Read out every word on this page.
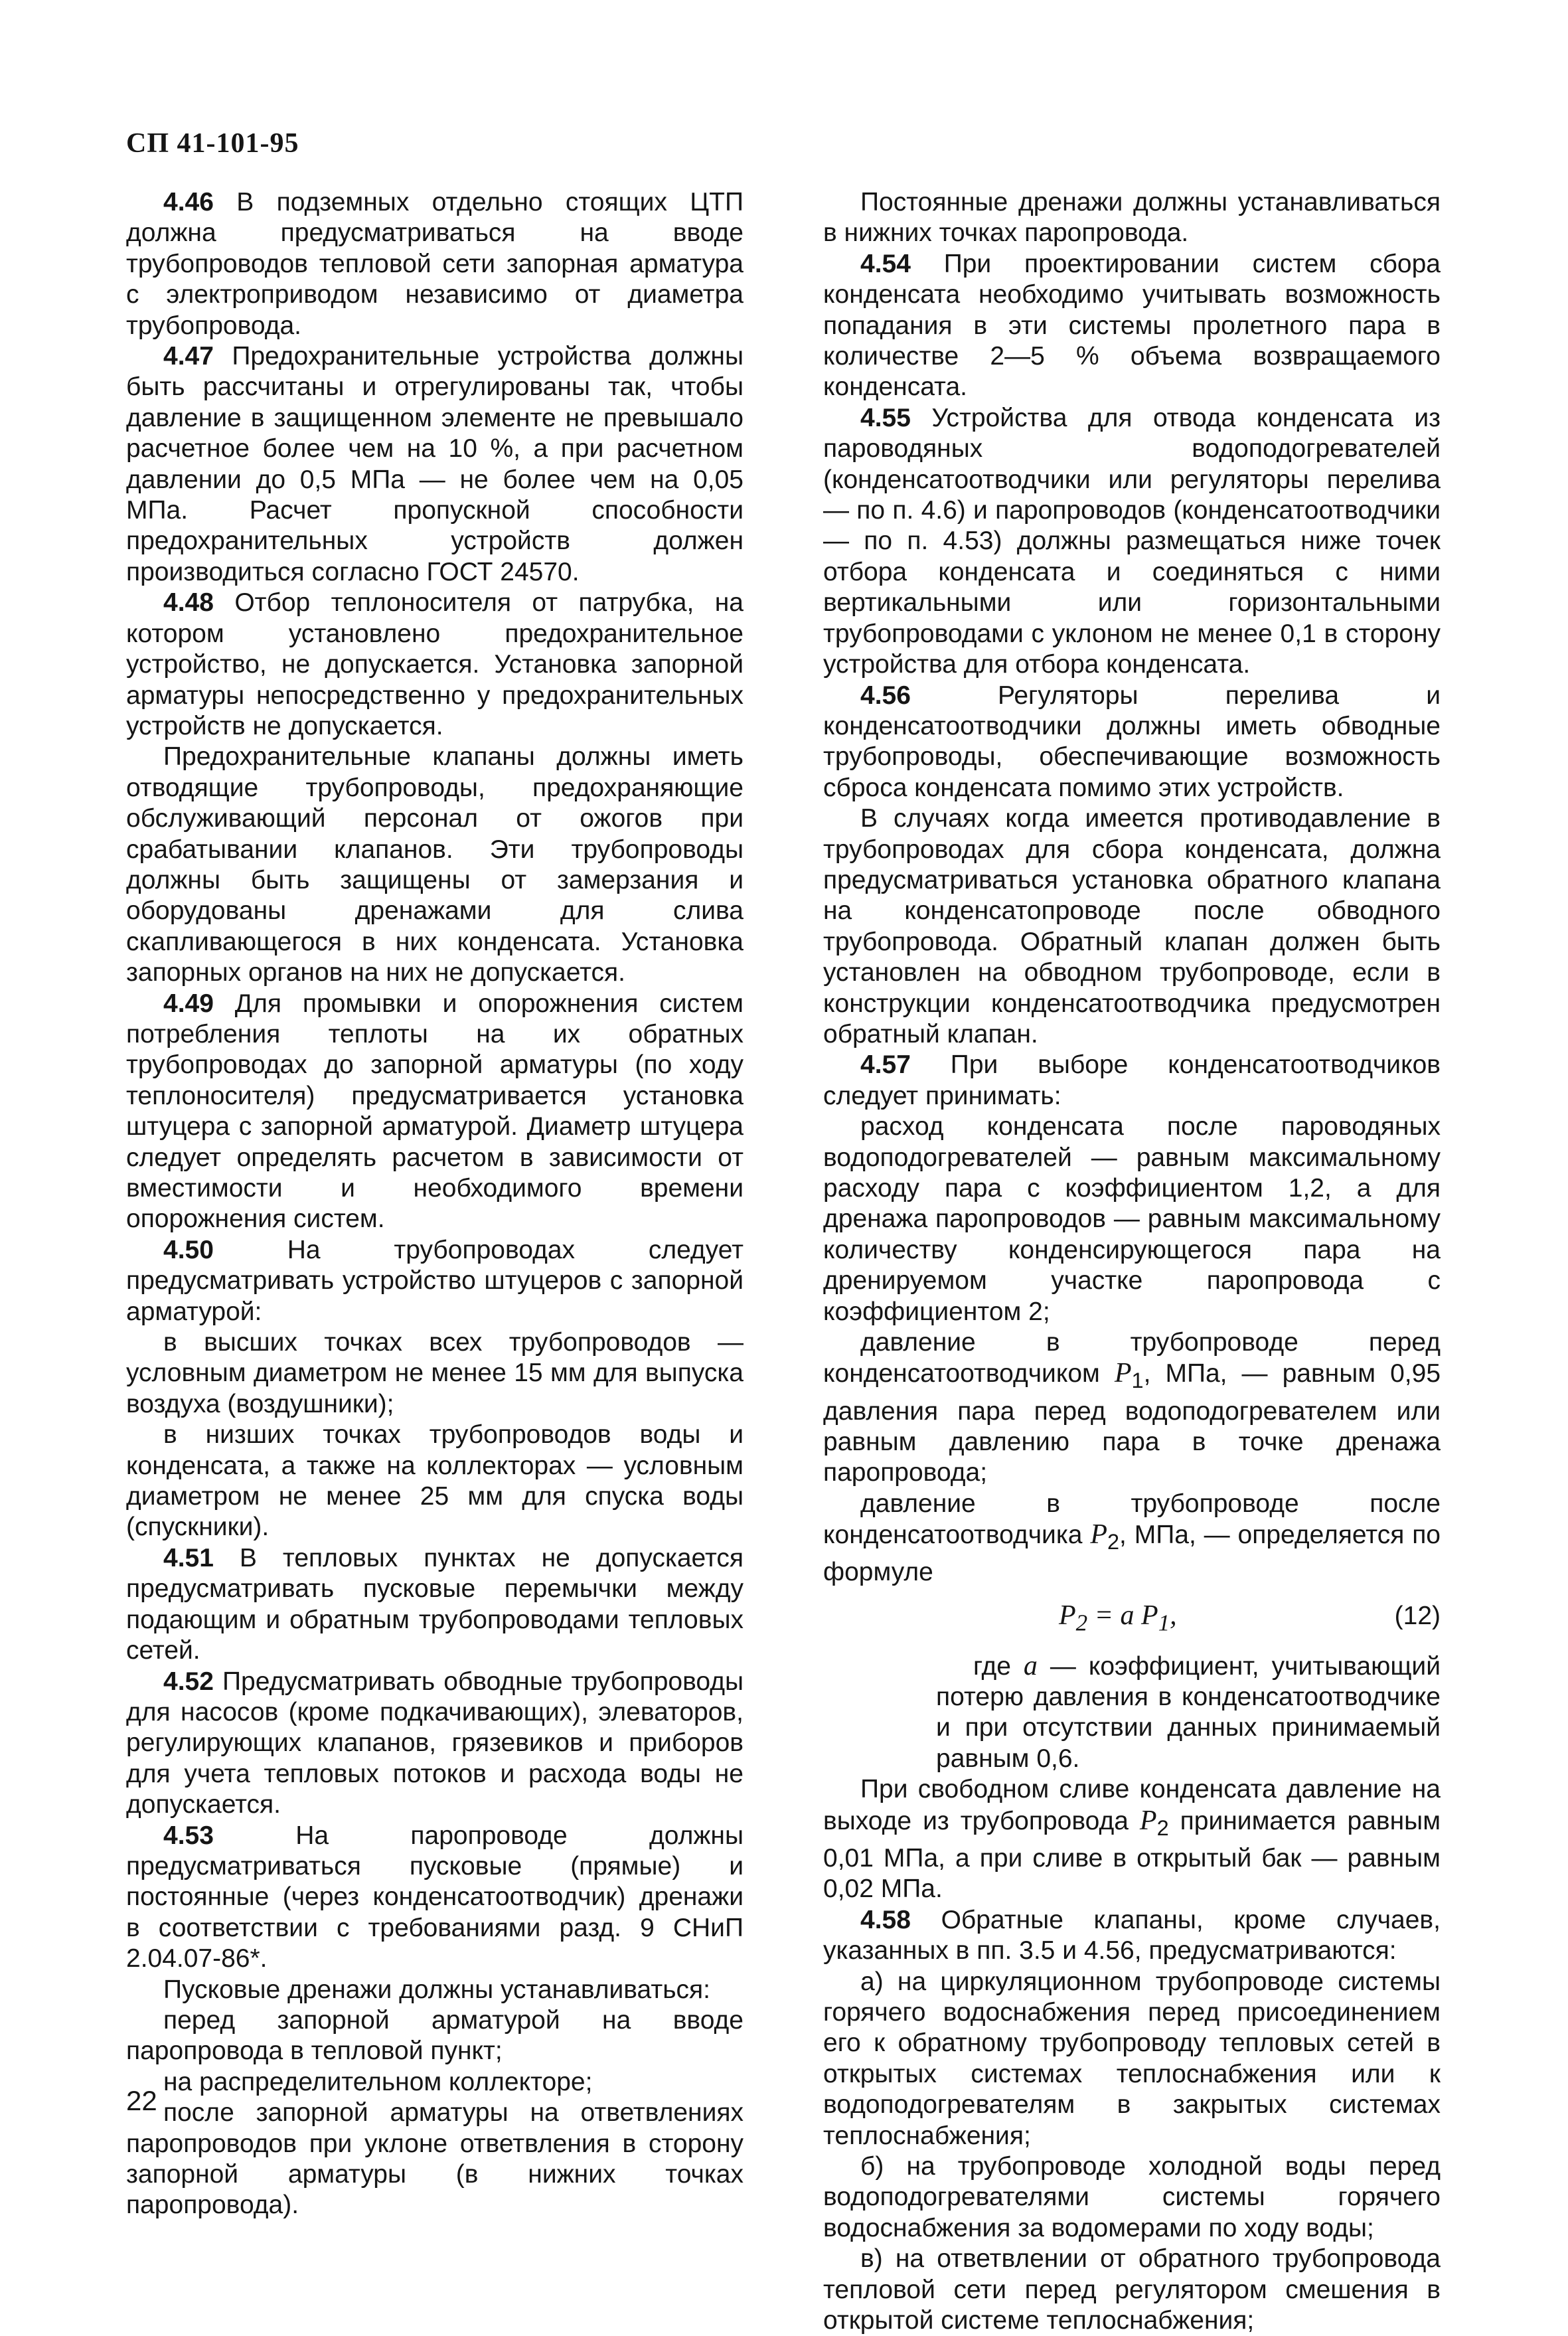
СП 41-101-95

4.46 В подземных отдельно стоящих ЦТП должна предусматриваться на вводе трубопроводов тепловой сети запорная арматура с электроприводом независимо от диаметра трубопровода.

4.47 Предохранительные устройства должны быть рассчитаны и отрегулированы так, чтобы давление в защищенном элементе не превышало расчетное более чем на 10 %, а при расчетном давлении до 0,5 МПа — не более чем на 0,05 МПа. Расчет пропускной способности предохранительных устройств должен производиться согласно ГОСТ 24570.

4.48 Отбор теплоносителя от патрубка, на котором установлено предохранительное устройство, не допускается. Установка запорной арматуры непосредственно у предохранительных устройств не допускается.

Предохранительные клапаны должны иметь отводящие трубопроводы, предохраняющие обслуживающий персонал от ожогов при срабатывании клапанов. Эти трубопроводы должны быть защищены от замерзания и оборудованы дренажами для слива скапливающегося в них конденсата. Установка запорных органов на них не допускается.

4.49 Для промывки и опорожнения систем потребления теплоты на их обратных трубопроводах до запорной арматуры (по ходу теплоносителя) предусматривается установка штуцера с запорной арматурой. Диаметр штуцера следует определять расчетом в зависимости от вместимости и необходимого времени опорожнения систем.

4.50 На трубопроводах следует предусматривать устройство штуцеров с запорной арматурой:

в высших точках всех трубопроводов — условным диаметром не менее 15 мм для выпуска воздуха (воздушники);

в низших точках трубопроводов воды и конденсата, а также на коллекторах — условным диаметром не менее 25 мм для спуска воды (спускники).

4.51 В тепловых пунктах не допускается предусматривать пусковые перемычки между подающим и обратным трубопроводами тепловых сетей.

4.52 Предусматривать обводные трубопроводы для насосов (кроме подкачивающих), элеваторов, регулирующих клапанов, грязевиков и приборов для учета тепловых потоков и расхода воды не допускается.

4.53 На паропроводе должны предусматриваться пусковые (прямые) и постоянные (через конденсатоотводчик) дренажи в соответствии с требованиями разд. 9 СНиП 2.04.07-86*.

Пусковые дренажи должны устанавливаться:

перед запорной арматурой на вводе паропровода в тепловой пункт;

на распределительном коллекторе;

после запорной арматуры на ответвлениях паропроводов при уклоне ответвления в сторону запорной арматуры (в нижних точках паропровода).

Постоянные дренажи должны устанавливаться в нижних точках паропровода.

4.54 При проектировании систем сбора конденсата необходимо учитывать возможность попадания в эти системы пролетного пара в количестве 2—5 % объема возвращаемого конденсата.

4.55 Устройства для отвода конденсата из пароводяных водоподогревателей (конденсатоотводчики или регуляторы перелива — по п. 4.6) и паропроводов (конденсатоотводчики — по п. 4.53) должны размещаться ниже точек отбора конденсата и соединяться с ними вертикальными или горизонтальными трубопроводами с уклоном не менее 0,1 в сторону устройства для отбора конденсата.

4.56 Регуляторы перелива и конденсатоотводчики должны иметь обводные трубопроводы, обеспечивающие возможность сброса конденсата помимо этих устройств.

В случаях когда имеется противодавление в трубопроводах для сбора конденсата, должна предусматриваться установка обратного клапана на конденсатопроводе после обводного трубопровода. Обратный клапан должен быть установлен на обводном трубопроводе, если в конструкции конденсатоотводчика предусмотрен обратный клапан.

4.57 При выборе конденсатоотводчиков следует принимать:

расход конденсата после пароводяных водоподогревателей — равным максимальному расходу пара с коэффициентом 1,2, а для дренажа паропроводов — равным максимальному количеству конденсирующегося пара на дренируемом участке паропровода с коэффициентом 2;

давление в трубопроводе перед конденсатоотводчиком $P_1$, МПа, — равным 0,95 давления пара перед водоподогревателем или равным давлению пара в точке дренажа паропровода;

давление в трубопроводе после конденсатоотводчика $P_2$, МПа, — определяется по формуле

$P_2 = a$ $P_1$,	(12)

где a — коэффициент, учитывающий потерю давления в конденсатоотводчике и при отсутствии данных принимаемый равным 0,6.

При свободном сливе конденсата давление на выходе из трубопровода $P_2$ принимается равным 0,01 МПа, а при сливе в открытый бак — равным 0,02 МПа.

4.58 Обратные клапаны, кроме случаев, указанных в пп. 3.5 и 4.56, предусматриваются:

а) на циркуляционном трубопроводе системы горячего водоснабжения перед присоединением его к обратному трубопроводу тепловых сетей в открытых системах теплоснабжения или к водоподогревателям в закрытых системах теплоснабжения;

б) на трубопроводе холодной воды перед водоподогревателями системы горячего водоснабжения за водомерами по ходу воды;

в) на ответвлении от обратного трубопровода тепловой сети перед регулятором смешения в открытой системе теплоснабжения;

22
